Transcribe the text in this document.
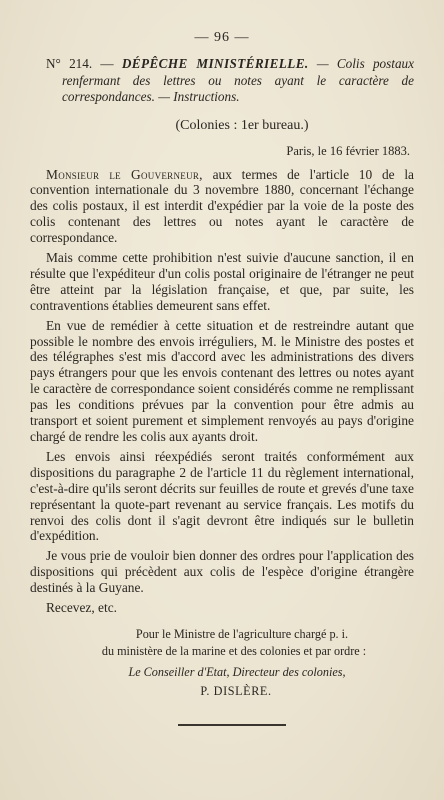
— 96 —
N° 214. — DÉPÊCHE MINISTÉRIELLE. — Colis postaux renfermant des lettres ou notes ayant le caractère de correspondances. — Instructions.
(Colonies : 1er bureau.)
Paris, le 16 février 1883.

Monsieur le Gouverneur, aux termes de l'article 10 de la convention internationale du 3 novembre 1880, concernant l'échange des colis postaux, il est interdit d'expédier par la voie de la poste des colis contenant des lettres ou notes ayant le caractère de correspondance.

Mais comme cette prohibition n'est suivie d'aucune sanction, il en résulte que l'expéditeur d'un colis postal originaire de l'étranger ne peut être atteint par la législation française, et que, par suite, les contraventions établies demeurent sans effet.

En vue de remédier à cette situation et de restreindre autant que possible le nombre des envois irréguliers, M. le Ministre des postes et des télégraphes s'est mis d'accord avec les administrations des divers pays étrangers pour que les envois contenant des lettres ou notes ayant le caractère de correspondance soient considérés comme ne remplissant pas les conditions prévues par la convention pour être admis au transport et soient purement et simplement renvoyés au pays d'origine chargé de rendre les colis aux ayants droit.

Les envois ainsi réexpédiés seront traités conformément aux dispositions du paragraphe 2 de l'article 11 du règlement international, c'est-à-dire qu'ils seront décrits sur feuilles de route et grevés d'une taxe représentant la quote-part revenant au service français. Les motifs du renvoi des colis dont il s'agit devront être indiqués sur le bulletin d'expédition.

Je vous prie de vouloir bien donner des ordres pour l'application des dispositions qui précèdent aux colis de l'espèce d'origine étrangère destinés à la Guyane.

Recevez, etc.

Pour le Ministre de l'agriculture chargé p. i.

du ministère de la marine et des colonies et par ordre :

Le Conseiller d'Etat, Directeur des colonies,

P. DISLÈRE.
